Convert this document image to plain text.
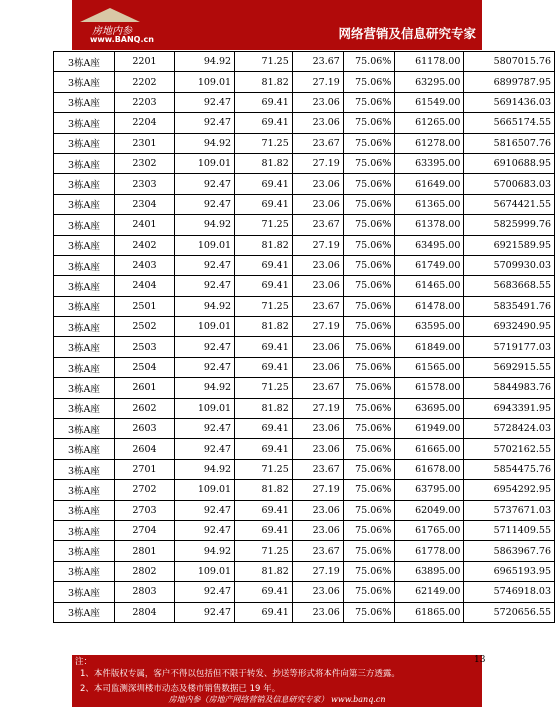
房地内参
www.BANQ.cn	网络营销及信息研究专家
3栋A座	2201	94.92	71.25	23.67	75.06%	61178.00	5807015.76
3栋A座	2202	109.01	81.82	27.19	75.06%	63295.00	6899787.95
3栋A座	2203	92.47	69.41	23.06	75.06%	61549.00	5691436.03
3栋A座	2204	92.47	69.41	23.06	75.06%	61265.00	5665174.55
3栋A座	2301	94.92	71.25	23.67	75.06%	61278.00	5816507.76
3栋A座	2302	109.01	81.82	27.19	75.06%	63395.00	6910688.95
3栋A座	2303	92.47	69.41	23.06	75.06%	61649.00	5700683.03
3栋A座	2304	92.47	69.41	23.06	75.06%	61365.00	5674421.55
3栋A座	2401	94.92	71.25	23.67	75.06%	61378.00	5825999.76
3栋A座	2402	109.01	81.82	27.19	75.06%	63495.00	6921589.95
3栋A座	2403	92.47	69.41	23.06	75.06%	61749.00	5709930.03
3栋A座	2404	92.47	69.41	23.06	75.06%	61465.00	5683668.55
3栋A座	2501	94.92	71.25	23.67	75.06%	61478.00	5835491.76
3栋A座	2502	109.01	81.82	27.19	75.06%	63595.00	6932490.95
3栋A座	2503	92.47	69.41	23.06	75.06%	61849.00	5719177.03
3栋A座	2504	92.47	69.41	23.06	75.06%	61565.00	5692915.55
3栋A座	2601	94.92	71.25	23.67	75.06%	61578.00	5844983.76
3栋A座	2602	109.01	81.82	27.19	75.06%	63695.00	6943391.95
3栋A座	2603	92.47	69.41	23.06	75.06%	61949.00	5728424.03
3栋A座	2604	92.47	69.41	23.06	75.06%	61665.00	5702162.55
3栋A座	2701	94.92	71.25	23.67	75.06%	61678.00	5854475.76
3栋A座	2702	109.01	81.82	27.19	75.06%	63795.00	6954292.95
3栋A座	2703	92.47	69.41	23.06	75.06%	62049.00	5737671.03
3栋A座	2704	92.47	69.41	23.06	75.06%	61765.00	5711409.55
3栋A座	2801	94.92	71.25	23.67	75.06%	61778.00	5863967.76
3栋A座	2802	109.01	81.82	27.19	75.06%	63895.00	6965193.95
3栋A座	2803	92.47	69.41	23.06	75.06%	62149.00	5746918.03
3栋A座	2804	92.47	69.41	23.06	75.06%	61865.00	5720656.55
注：
1、本件版权专属，客户不得以包括但不限于转发、抄送等形式将本件向第三方透露。
2、本司监测深圳楼市动态及楼市销售数据已 19 年。
房地内参（房地产网络营销及信息研究专家） www.banq.cn
13
